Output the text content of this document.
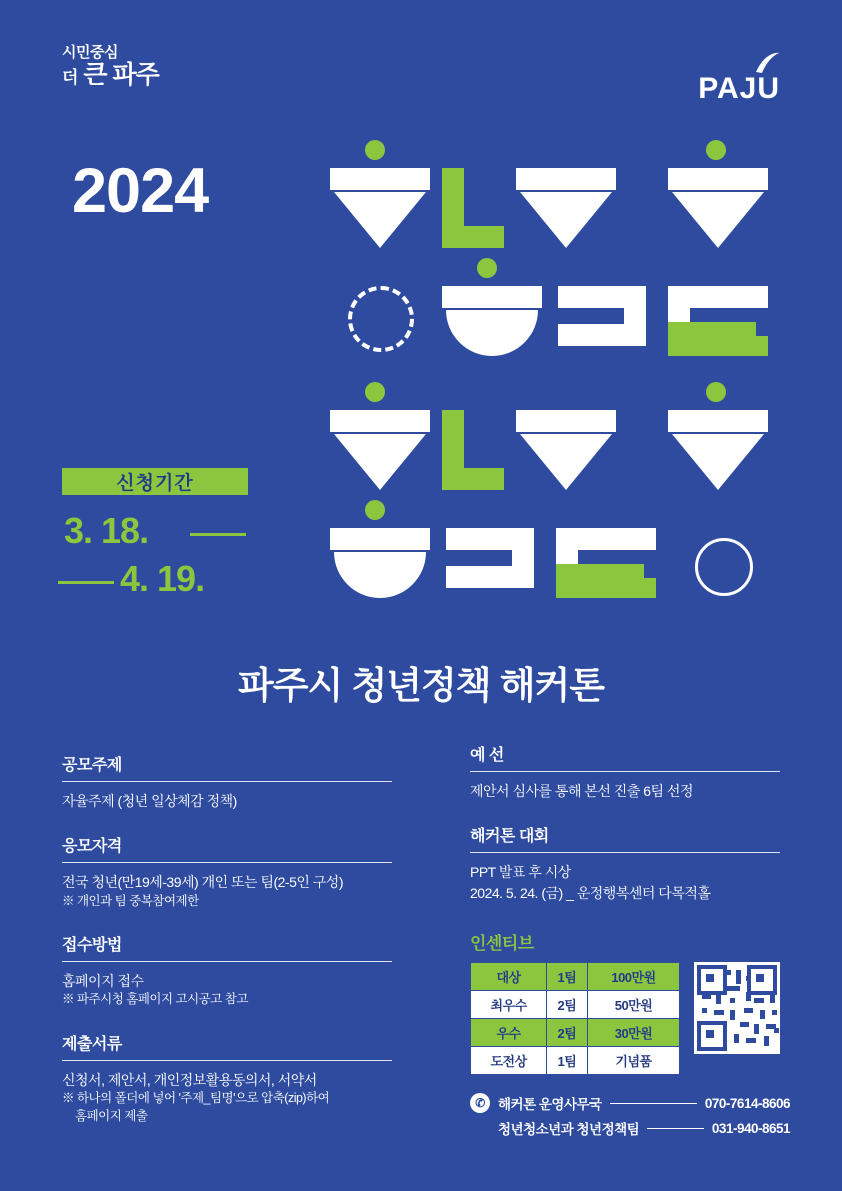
시민중심
더 큰 파주	PAJU
2024
신청기간
3. 18.
4. 19.
파주시 청년정책 해커톤
공모주제
자율주제 (청년 일상체감 정책)
응모자격
전국 청년(만19세-39세) 개인 또는 팀(2-5인 구성)
※ 개인과 팀 중복참여제한
접수방법
홈페이지 접수
※ 파주시청 홈페이지 고시공고 참고
제출서류
신청서, 제안서, 개인정보활용동의서, 서약서
※ 하나의 폴더에 넣어 '주제_팀명'으로 압축(zip)하여
홈페이지 제출
예 선
제안서 심사를 통해 본선 진출 6팀 선정
해커톤 대회
PPT 발표 후 시상
2024. 5. 24. (금) _ 운정행복센터 다목적홀
인센티브
대상	1팀	100만원
최우수	2팀	50만원
우수	2팀	30만원
도전상	1팀	기념품
✆ 해커톤 운영사무국	070-7614-8606
청년청소년과 청년정책팀	031-940-8651
